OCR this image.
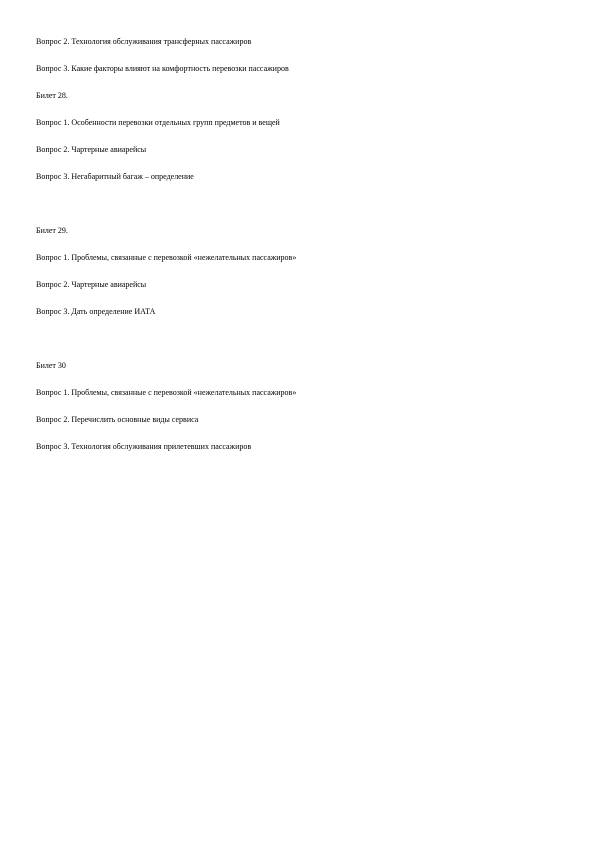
Вопрос 2. Технология обслуживания трансферных пассажиров

Вопрос 3. Какие факторы влияют на комфортность перевозки пассажиров

Билет 28.

Вопрос 1. Особенности перевозки отдельных групп предметов и вещей

Вопрос 2. Чартерные авиарейсы

Вопрос 3. Негабаритный багаж – определение

Билет 29.

Вопрос 1. Проблемы, связанные с перевозкой «нежелательных пассажиров»

Вопрос 2. Чартерные авиарейсы

Вопрос 3. Дать определение ИАТА

Билет 30

Вопрос 1. Проблемы, связанные с перевозкой «нежелательных пассажиров»

Вопрос 2. Перечислить основные виды сервиса

Вопрос 3. Технология обслуживания прилетевших пассажиров
